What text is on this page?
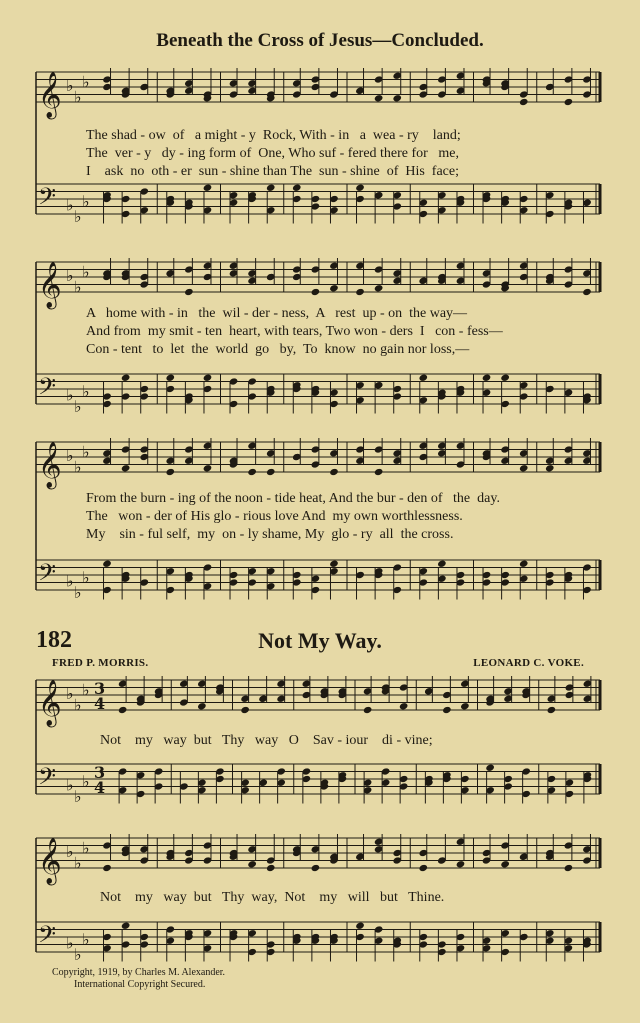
Beneath the Cross of Jesus—Concluded.
𝄞 ♭
♭
♭
𝄢 ♭
♭
♭
The shad - ow  of   a might - y  Rock, With - in   a  wea - ry    land;
The  ver - y   dy - ing form of  One, Who suf - fered there for   me,
I    ask  no  oth - er  sun - shine than The  sun - shine  of  His  face;
𝄞 ♭
♭
♭
𝄢 ♭
♭
♭
A   home with - in   the  wil - der - ness,  A   rest  up - on  the way—
And from  my smit - ten  heart, with tears, Two won - ders  I   con - fess—
Con - tent   to  let  the  world  go   by,  To  know  no gain nor loss,—
𝄞 ♭
♭
♭
𝄢 ♭
♭
♭
From the burn - ing of the noon - tide heat, And the bur - den of   the  day.
The   won - der of His glo - rious love And  my own worthlessness.
My    sin - ful self,  my  on - ly shame, My  glo - ry  all  the cross.
182	Not My Way.
FRED P. MORRIS.	LEONARD C. VOKE.
𝄞 ♭
♭
♭ 3
4
𝄢 ♭
♭
♭ 3
4
Not    my   way  but   Thy   way   O    Sav - iour    di - vine;
𝄞 ♭
♭
♭
𝄢 ♭
♭
♭
Not    my   way  but   Thy  way,  Not    my   will   but   Thine.
Copyright, 1919, by Charles M. Alexander.
International Copyright Secured.
